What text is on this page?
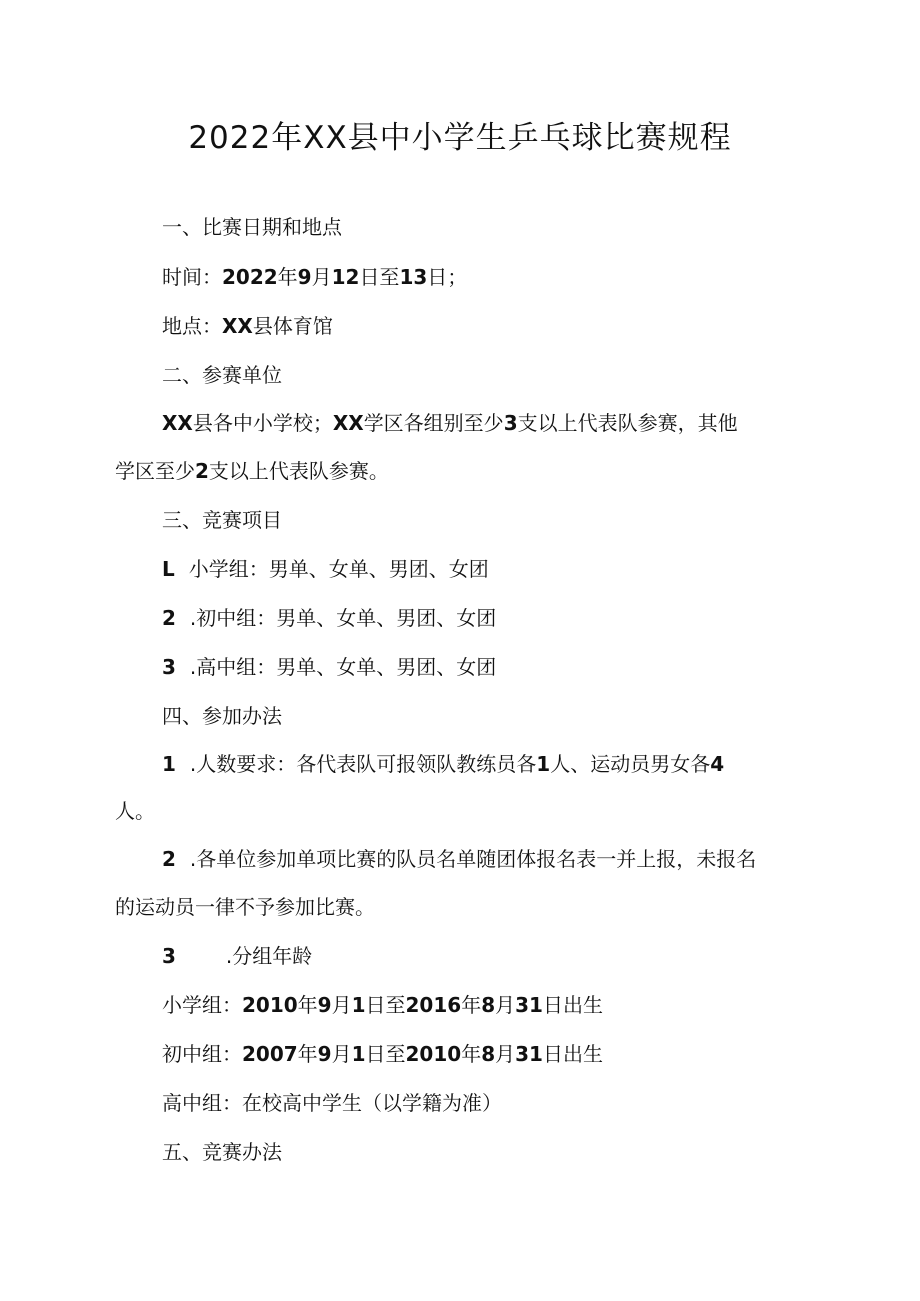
2022年XX县中小学生乒乓球比赛规程
一、比赛日期和地点
时间：2022年9月12日至13日；
地点：XX县体育馆
二、参赛单位
XX县各中小学校；XX学区各组别至少3支以上代表队参赛，其他
学区至少2支以上代表队参赛。
三、竞赛项目
L 小学组：男单、女单、男团、女团
2 .初中组：男单、女单、男团、女团
3 .高中组：男单、女单、男团、女团
四、参加办法
1 .人数要求：各代表队可报领队教练员各1人、运动员男女各4
人。
2 .各单位参加单项比赛的队员名单随团体报名表一并上报，未报名
的运动员一律不予参加比赛。
3	.分组年龄
小学组：2010年9月1日至2016年8月31日出生
初中组：2007年9月1日至2010年8月31日出生
高中组：在校高中学生（以学籍为准）
五、竞赛办法
